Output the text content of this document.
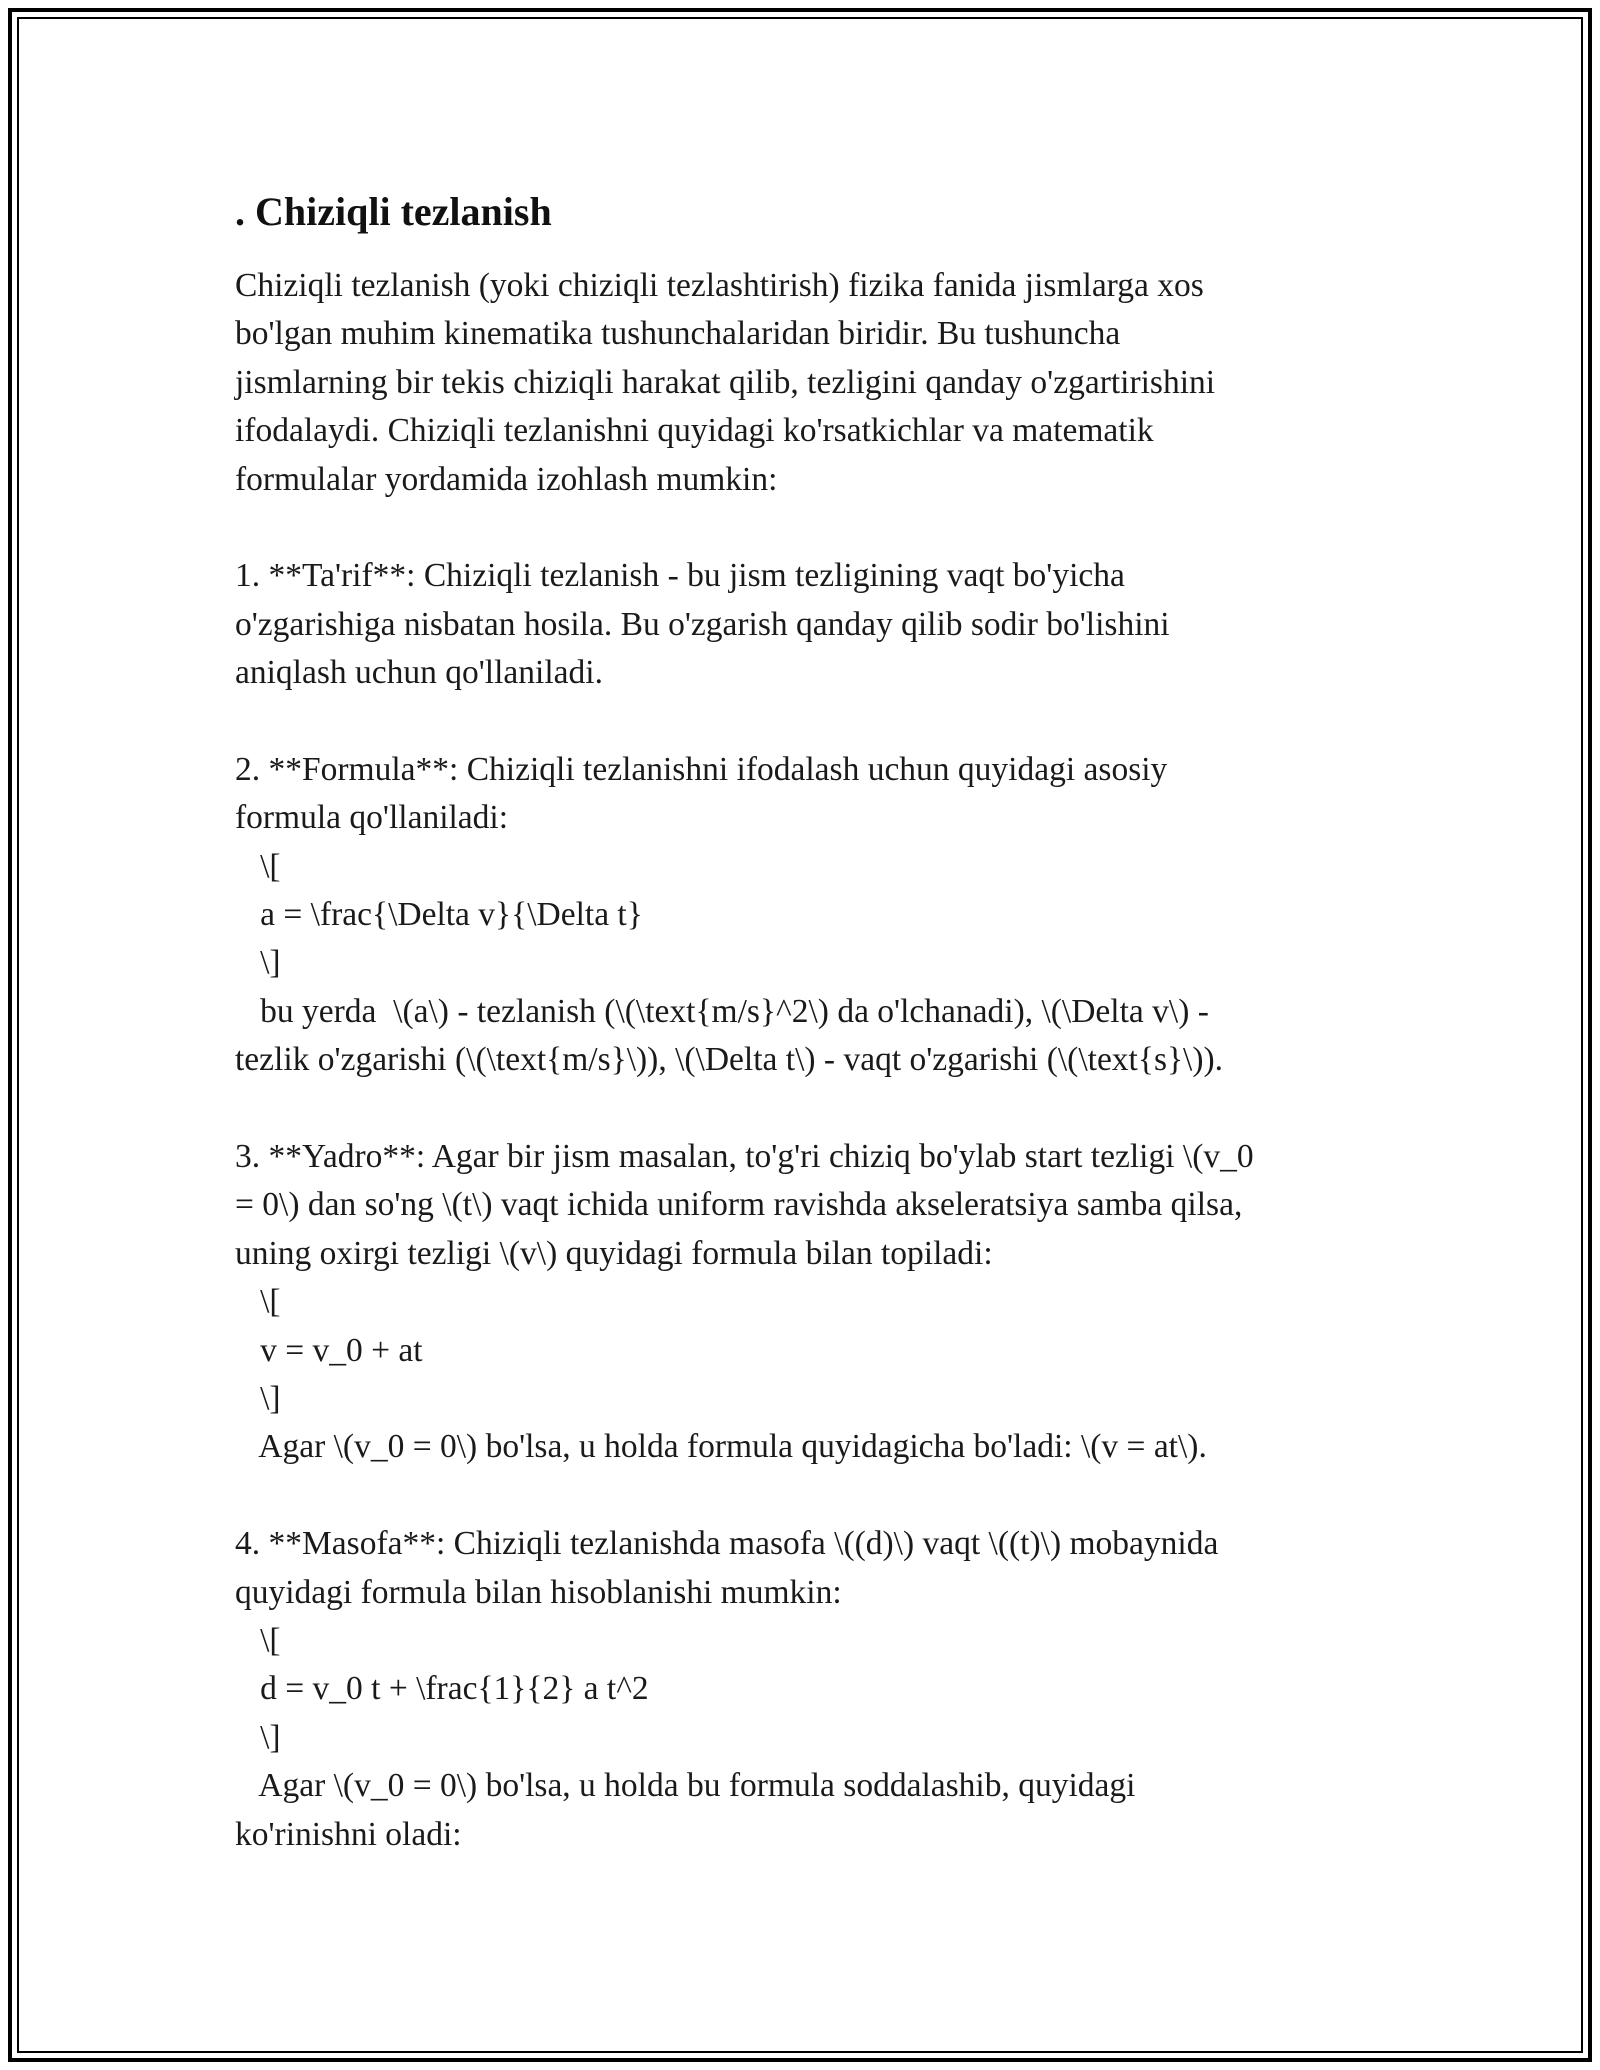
. Chiziqli tezlanish
Chiziqli tezlanish (yoki chiziqli tezlashtirish) fizika fanida jismlarga xos
bo'lgan muhim kinematika tushunchalaridan biridir. Bu tushuncha
jismlarning bir tekis chiziqli harakat qilib, tezligini qanday o'zgartirishini
ifodalaydi. Chiziqli tezlanishni quyidagi ko'rsatkichlar va matematik
formulalar yordamida izohlash mumkin:
1. **Ta'rif**: Chiziqli tezlanish - bu jism tezligining vaqt bo'yicha
o'zgarishiga nisbatan hosila. Bu o'zgarish qanday qilib sodir bo'lishini
aniqlash uchun qo'llaniladi.
2. **Formula**: Chiziqli tezlanishni ifodalash uchun quyidagi asosiy
formula qo'llaniladi:
\[
a = \frac{\Delta v}{\Delta t}
\]
bu yerda  \(a\) - tezlanish (\(\text{m/s}^2\) da o'lchanadi), \(\Delta v\) -
tezlik o'zgarishi (\(\text{m/s}\)), \(\Delta t\) - vaqt o'zgarishi (\(\text{s}\)).
3. **Yadro**: Agar bir jism masalan, to'g'ri chiziq bo'ylab start tezligi \(v_0
= 0\) dan so'ng \(t\) vaqt ichida uniform ravishda akseleratsiya samba qilsa,
uning oxirgi tezligi \(v\) quyidagi formula bilan topiladi:
\[
v = v_0 + at
\]
Agar \(v_0 = 0\) bo'lsa, u holda formula quyidagicha bo'ladi: \(v = at\).
4. **Masofa**: Chiziqli tezlanishda masofa \((d)\) vaqt \((t)\) mobaynida
quyidagi formula bilan hisoblanishi mumkin:
\[
d = v_0 t + \frac{1}{2} a t^2
\]
Agar \(v_0 = 0\) bo'lsa, u holda bu formula soddalashib, quyidagi
ko'rinishni oladi:
